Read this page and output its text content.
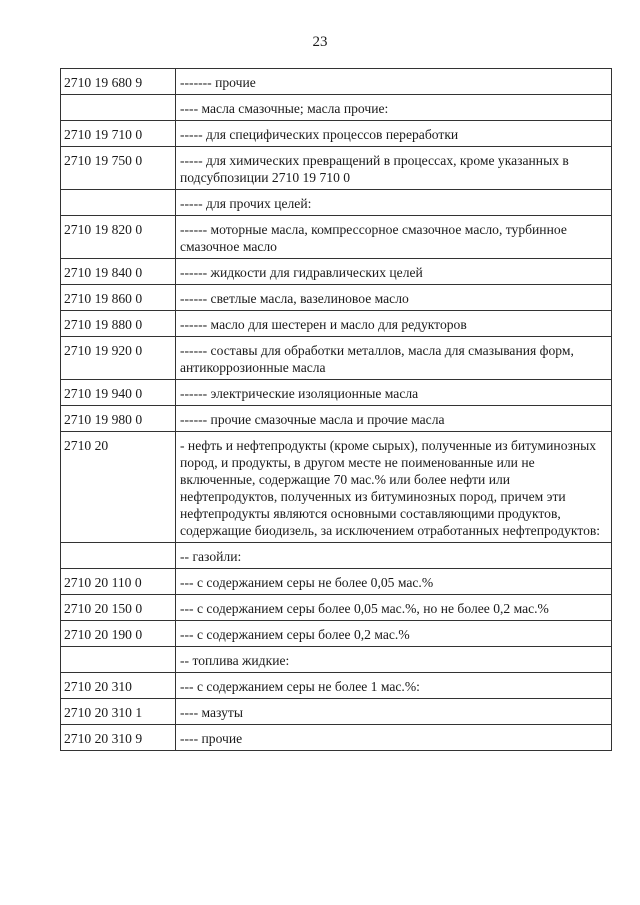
23
2710 19 680 9	------- прочие
	---- масла смазочные; масла прочие:
2710 19 710 0	----- для специфических процессов переработки
2710 19 750 0	----- для химических превращений в процессах, кроме указанных в подсубпозиции 2710 19 710 0
	----- для прочих целей:
2710 19 820 0	------ моторные масла, компрессорное смазочное масло, турбинное смазочное масло
2710 19 840 0	------ жидкости для гидравлических целей
2710 19 860 0	------ светлые масла, вазелиновое масло
2710 19 880 0	------ масло для шестерен и масло для редукторов
2710 19 920 0	------ составы для обработки металлов, масла для смазывания форм, антикоррозионные масла
2710 19 940 0	------ электрические изоляционные масла
2710 19 980 0	------ прочие смазочные масла и прочие масла
2710 20	- нефть и нефтепродукты (кроме сырых), полученные из битуминозных пород, и продукты, в другом месте не поименованные или не включенные, содержащие 70 мас.% или более нефти или нефтепродуктов, полученных из битуминозных пород, причем эти нефтепродукты являются основными составляющими продуктов, содержащие биодизель, за исключением отработанных нефтепродуктов:
	-- газойли:
2710 20 110 0	--- с содержанием серы не более 0,05 мас.%
2710 20 150 0	--- с содержанием серы более 0,05 мас.%, но не более 0,2 мас.%
2710 20 190 0	--- с содержанием серы более 0,2 мас.%
	-- топлива жидкие:
2710 20 310	--- с содержанием серы не более 1 мас.%:
2710 20 310 1	---- мазуты
2710 20 310 9	---- прочие
